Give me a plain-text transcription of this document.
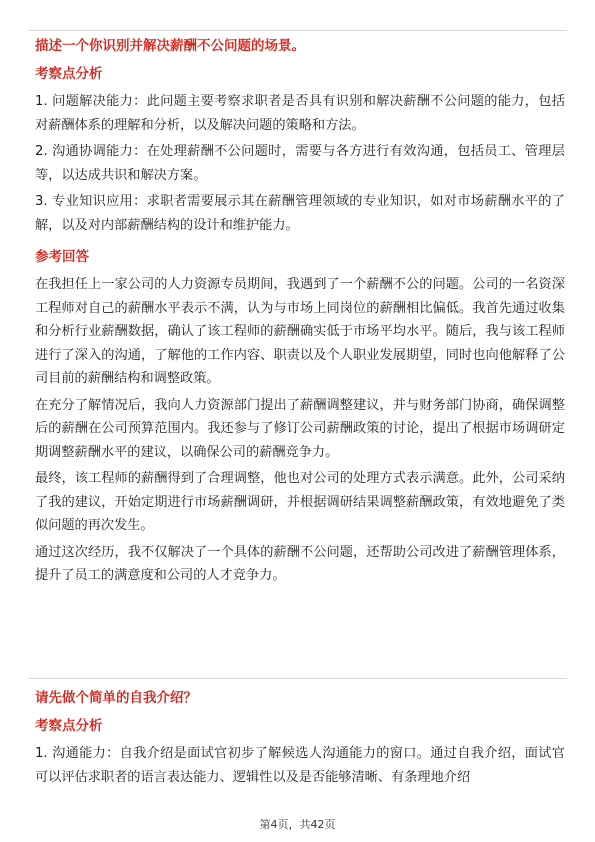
描述一个你识别并解决薪酬不公问题的场景。
考察点分析
1. 问题解决能力：此问题主要考察求职者是否具有识别和解决薪酬不公问题的能力，包括对薪酬体系的理解和分析，以及解决问题的策略和方法。
2. 沟通协调能力：在处理薪酬不公问题时，需要与各方进行有效沟通，包括员工、管理层等，以达成共识和解决方案。
3. 专业知识应用：求职者需要展示其在薪酬管理领域的专业知识，如对市场薪酬水平的了解，以及对内部薪酬结构的设计和维护能力。
参考回答
在我担任上一家公司的人力资源专员期间，我遇到了一个薪酬不公的问题。公司的一名资深工程师对自己的薪酬水平表示不满，认为与市场上同岗位的薪酬相比偏低。我首先通过收集和分析行业薪酬数据，确认了该工程师的薪酬确实低于市场平均水平。随后，我与该工程师进行了深入的沟通，了解他的工作内容、职责以及个人职业发展期望，同时也向他解释了公司目前的薪酬结构和调整政策。
在充分了解情况后，我向人力资源部门提出了薪酬调整建议，并与财务部门协商，确保调整后的薪酬在公司预算范围内。我还参与了修订公司薪酬政策的讨论，提出了根据市场调研定期调整薪酬水平的建议，以确保公司的薪酬竞争力。
最终，该工程师的薪酬得到了合理调整，他也对公司的处理方式表示满意。此外，公司采纳了我的建议，开始定期进行市场薪酬调研，并根据调研结果调整薪酬政策，有效地避免了类似问题的再次发生。
通过这次经历，我不仅解决了一个具体的薪酬不公问题，还帮助公司改进了薪酬管理体系，提升了员工的满意度和公司的人才竞争力。
请先做个简单的自我介绍？
考察点分析
1. 沟通能力：自我介绍是面试官初步了解候选人沟通能力的窗口。通过自我介绍，面试官可以评估求职者的语言表达能力、逻辑性以及是否能够清晰、有条理地介绍
第4页，共42页
